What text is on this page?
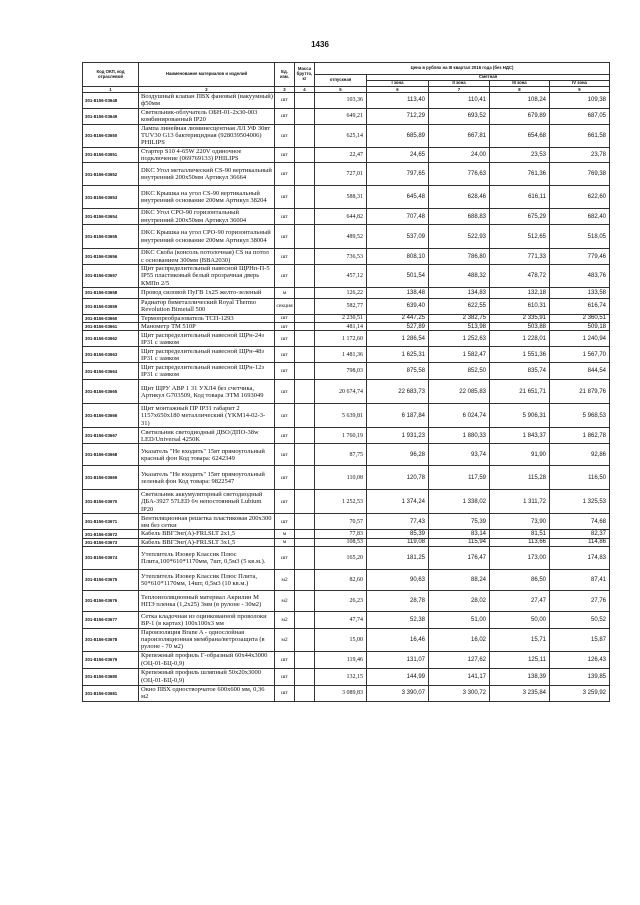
1436
Код ОКП, код отраслевой	Наименование материалов и изделий	Ед. изм.	Масса брутто, кг	Цена в рублях на III квартал 2016 года (без НДС)				
				отпускная	Сметная			
					I зона	II зона	III зона	IV зона
1	2	3	4	5	6	7	8	9
301-8156-03648	Воздушный клапан ПВХ фановый (вакуумный) ф50мм	шт		103,36	113,40	110,41	108,24	109,38
301-8156-03649	Светильник-облучатель ОБН-01-2х30-003 комбинированный IP20	шт		649,21	712,29	693,52	679,89	687,05
301-8156-03650	Лампа линейная люминесцентная ЛЛ УФ 30вт TUV30 G13 бактерицидная (928039504006) PHILIPS	шт		625,14	685,89	667,81	654,68	661,58
301-8156-03651	Стартер S10 4-65W 220V одиночное подключение (069769133) PHILIPS	шт		22,47	24,65	24,00	23,53	23,78
301-8156-03652	DKC Угол металлический CS-90 вертикальный внутренний 200х50мм Артикул 36664	шт		727,01	797,65	776,63	761,36	769,38
301-8156-03653	DKC Крышка на угол CS-90 вертикальный внутренний основание 200мм Артикул 38204	шт		588,31	645,48	628,46	616,11	622,60
301-8156-03654	DKC Угол CPO-90 горизонтальный внутренний 200х50мм Артикул 36004	шт		644,82	707,48	688,83	675,29	682,40
301-8156-03655	DKC Крышка на угол CPO-90 горизонтальный внутренний основание 200мм Артикул 38004	шт		489,52	537,09	522,93	512,65	518,05
301-8156-03656	DKC Скоба (консоль потолочная) CS на потол с основанием 300мм (BBA2030)	шт		736,53	808,10	786,80	771,33	779,46
301-8156-03657	Щит распределительный навесной ЩРНп-П-5 IP55 пластиковый белый прозрачная дверь КМПп 2/5	шт		457,12	501,54	488,32	478,72	483,76
301-8156-03658	Провод силовой ПуГВ 1х25 желто-зеленый	м		126,22	138,48	134,83	132,18	133,58
301-8156-03659	Радиатор биметаллический Royal Thermo Revolution Bimetall 500	секция		582,77	639,40	622,55	610,31	616,74
301-8156-03660	Термопреобразователь ТСП-1293	шт		2 230,51	2 447,25	2 382,75	2 335,91	2 360,51
301-8156-03661	Манометр ТМ 510Р	шт		481,14	527,89	513,98	503,88	509,18
301-8156-03662	Щит распределительный навесной ЩРн-24з IP31 с замком	шт		1 172,60	1 286,54	1 252,63	1 228,01	1 240,94
301-8156-03663	Щит распределительный навесной ЩРн-48з IP31 с замком	шт		1 481,36	1 625,31	1 582,47	1 551,36	1 567,70
301-8156-03664	Щит распределительный навесной ЩРн-12з IP31 с замком	шт		798,03	875,58	852,50	835,74	844,54
301-8156-03665	Щит ЩРУ АВР 1 31 УХЛ4 без счетчика, Артикул G703509, Код товара ЭТМ 1693049	шт		20 674,74	22 683,73	22 085,83	21 651,71	21 879,76
301-8156-03666	Щит монтажный ПР IP31 габарит 2 1157х650х180 металлический (YKM14-02-3-31)	шт		5 639,81	6 187,84	6 024,74	5 906,31	5 968,53
301-8156-03667	Светильник светодиодный ДВО/ДПО-38w LED/Universal 4250K	шт		1 760,19	1 931,23	1 880,33	1 843,37	1 862,78
301-8156-03668	Указатель "Не входить" 15вт прямоугольный красный фон Код товара: 6242349	шт		87,75	96,28	93,74	91,90	92,86
301-8156-03669	Указатель "Не входить" 15вт прямоугольный зеленый фон Код товара: 9822547	шт		110,08	120,78	117,59	115,28	116,50
301-8156-03670	Светильник аккумуляторный светодиодный ДБА-3927 57LED 6ч непостоянный Lubium IP20	шт		1 252,53	1 374,24	1 338,02	1 311,72	1 325,53
301-8156-03671	Вентиляционная решетка пластиковая 200х300 мм без сетки	шт		70,57	77,43	75,39	73,90	74,68
301-8156-03672	Кабель ВВГЭнг(А)-FRLSLT 2х1,5	м		77,83	85,39	83,14	81,51	82,37
301-8156-03673	Кабель ВВГЭнг(А)-FRLSLT 3х1,5	м		108,53	119,08	115,94	113,66	114,86
301-8156-03674	Утеплитель Изовер Классик Плюс Плита,100*610*1170мм, 7шт, 0,5м3 (5 кв.м.).	шт		165,20	181,25	176,47	173,00	174,83
301-8156-03675	Утеплитель Изовер Классик Плюс Плита, 50*610*1170мм, 14шт, 0,5м3 (10 кв.м.)	м2		82,60	90,63	88,24	86,50	87,41
301-8156-03676	Теплоизоляционный материал Акрилин М НПЭ пленка (1,2х25) 3мм (в рулоне - 30м2)	м2		26,23	28,78	28,02	27,47	27,76
301-8156-03677	Сетка кладочная из оцинкованной проволоки ВР-1 (в картах) 100х100х3 мм	м2		47,74	52,38	51,00	50,00	50,52
301-8156-03678	Пароизоляция Brane A - однослойная пароизоляционная мембрана/ветрозащита (в рулоне - 70 м2)	м2		15,00	16,46	16,02	15,71	15,87
301-8156-03679	Крепежный профиль Г-образный 60х44х3000 (ОЦ-01-БЦ-0,9)	шт		119,46	131,07	127,62	125,11	126,43
301-8156-03680	Крепежный профиль шляпный 50х20х3000 (ОЦ-01-БЦ-0,9)	шт		132,15	144,99	141,17	138,39	139,85
301-8156-03681	Окно ПВХ одностворчатое 600х600 мм, 0,36 м2	шт		3 089,83	3 390,07	3 300,72	3 235,84	3 259,92
